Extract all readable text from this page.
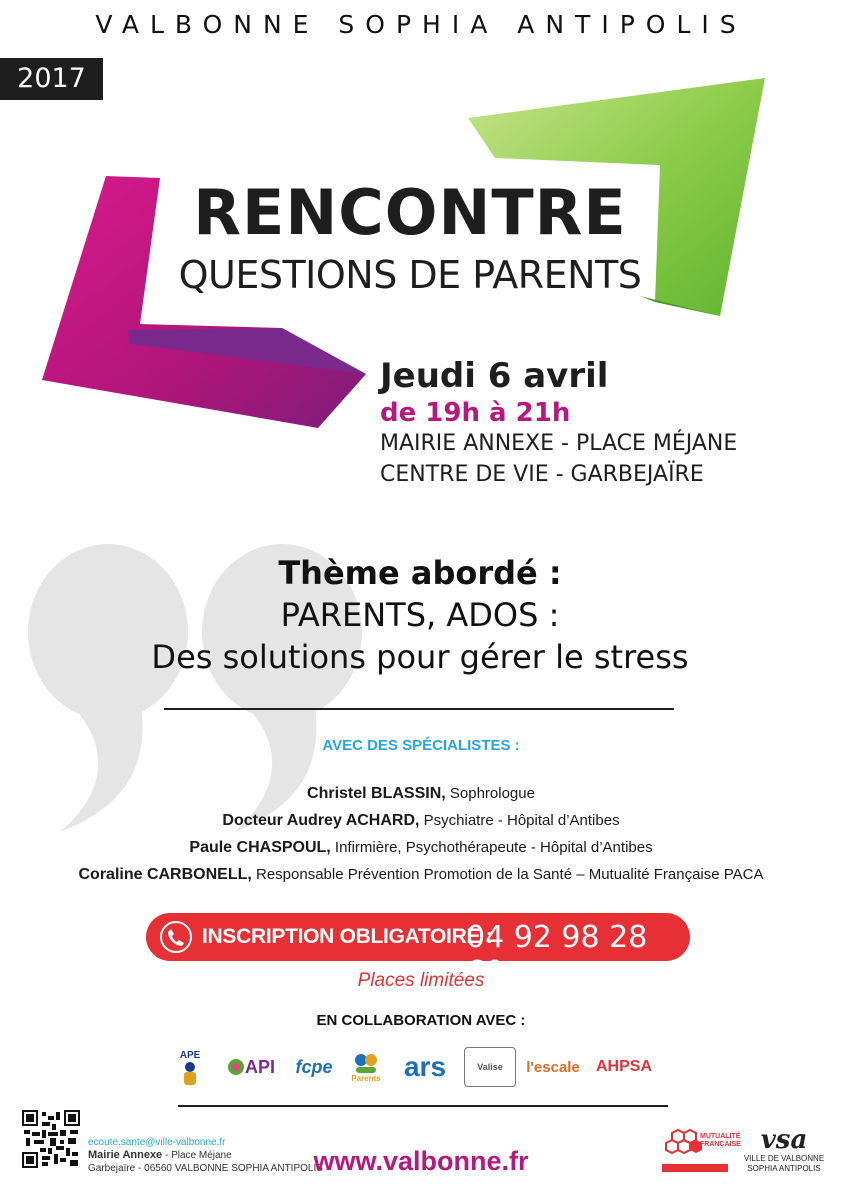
VALBONNE SOPHIA ANTIPOLIS
2017
RENCONTRE
QUESTIONS DE PARENTS
Jeudi 6 avril
de 19h à 21h
MAIRIE ANNEXE - PLACE MÉJANE
CENTRE DE VIE - GARBEJAÏRE
Thème abordé :
PARENTS, ADOS :
Des solutions pour gérer le stress
AVEC DES SPÉCIALISTES :
Christel BLASSIN, Sophrologue
Docteur Audrey ACHARD, Psychiatre - Hôpital d’Antibes
Paule CHASPOUL, Infirmière, Psychothérapeute - Hôpital d’Antibes
Coraline CARBONELL, Responsable Prévention Promotion de la Santé – Mutualité Française PACA
INSCRIPTION OBLIGATOIRE :
04 92 98 28 60
Places limitées
EN COLLABORATION AVEC :
APE
API	fcpe
Parents ars	Valise	l'escale	AHPSA
ecoute.sante@ville-valbonne.fr
Mairie Annexe - Place Méjane
Garbejaïre - 06560 VALBONNE SOPHIA ANTIPOLIS
www.valbonne.fr
MUTUALITÉ
FRANÇAISE vsa
VILLE DE VALBONNE
SOPHIA ANTIPOLIS
